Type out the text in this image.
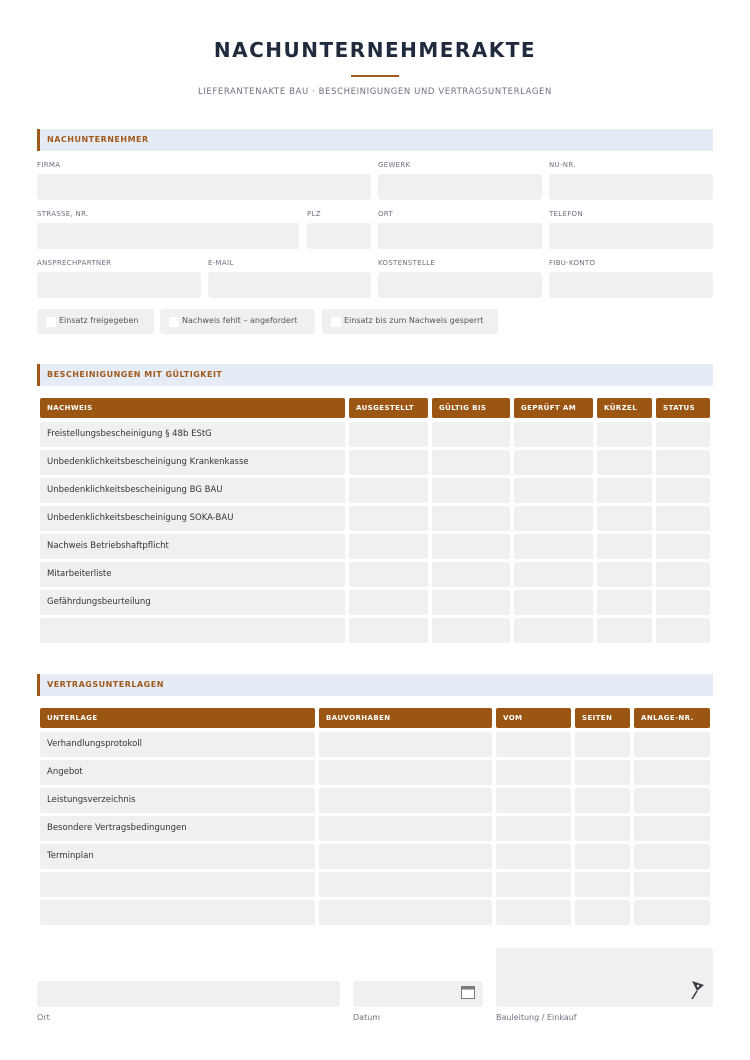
NACHUNTERNEHMERAKTE
LIEFERANTENAKTE BAU · BESCHEINIGUNGEN UND VERTRAGSUNTERLAGEN
NACHUNTERNEHMER
FIRMA	GEWERK	NU-NR.
STRASSE, NR.	PLZ	ORT	TELEFON
ANSPRECHPARTNER	E-MAIL	KOSTENSTELLE	FIBU-KONTO
Einsatz freigegeben	Nachweis fehlt – angefordert	Einsatz bis zum Nachweis gesperrt
BESCHEINIGUNGEN MIT GÜLTIGKEIT
NACHWEIS	AUSGESTELLT	GÜLTIG BIS	GEPRÜFT AM	KÜRZEL	STATUS
Freistellungsbescheinigung § 48b EStG
Unbedenklichkeitsbescheinigung Krankenkasse
Unbedenklichkeitsbescheinigung BG BAU
Unbedenklichkeitsbescheinigung SOKA-BAU
Nachweis Betriebshaftpflicht
Mitarbeiterliste
Gefährdungsbeurteilung
VERTRAGSUNTERLAGEN
UNTERLAGE	BAUVORHABEN	VOM	SEITEN	ANLAGE-NR.
Verhandlungsprotokoll
Angebot
Leistungsverzeichnis
Besondere Vertragsbedingungen
Terminplan
Ort	Datum	Bauleitung / Einkauf
